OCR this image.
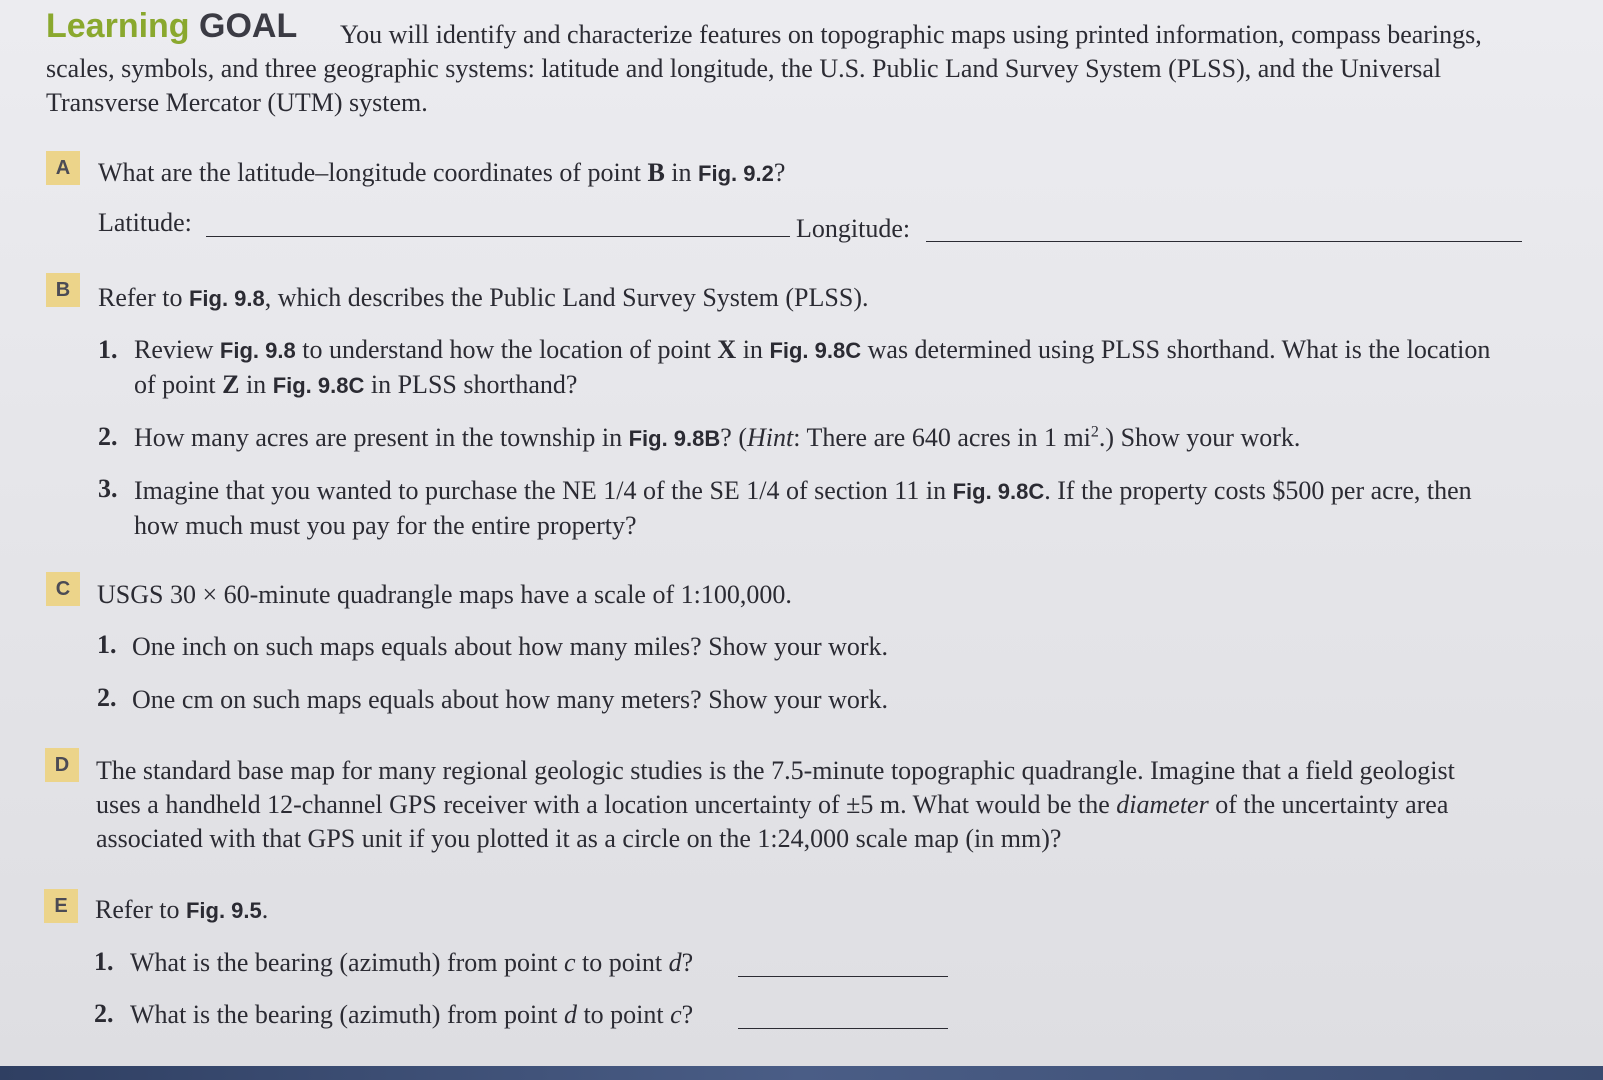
Learning GOAL	You will identify and characterize features on topographic maps using printed information, compass bearings, scales, symbols, and three geographic systems: latitude and longitude, the U.S. Public Land Survey System (PLSS), and the Universal Transverse Mercator (UTM) system.
A	What are the latitude–longitude coordinates of point B in Fig. 9.2?
Latitude:	Longitude:
B	Refer to Fig. 9.8, which describes the Public Land Survey System (PLSS).
1. Review Fig. 9.8 to understand how the location of point X in Fig. 9.8C was determined using PLSS shorthand. What is the location of point Z in Fig. 9.8C in PLSS shorthand?
2. How many acres are present in the township in Fig. 9.8B? (Hint: There are 640 acres in 1 $mi^2$.) Show your work.
3. Imagine that you wanted to purchase the NE 1/4 of the SE 1/4 of section 11 in Fig. 9.8C. If the property costs $500 per acre, then how much must you pay for the entire property?
C	USGS 30 × 60-minute quadrangle maps have a scale of 1:100,000.
1. One inch on such maps equals about how many miles? Show your work.
2. One cm on such maps equals about how many meters? Show your work.
D	The standard base map for many regional geologic studies is the 7.5-minute topographic quadrangle. Imagine that a field geologist uses a handheld 12-channel GPS receiver with a location uncertainty of ±5 m. What would be the diameter of the uncertainty area associated with that GPS unit if you plotted it as a circle on the 1:24,000 scale map (in mm)?
E	Refer to Fig. 9.5.
1. What is the bearing (azimuth) from point c to point d?
2. What is the bearing (azimuth) from point d to point c?
